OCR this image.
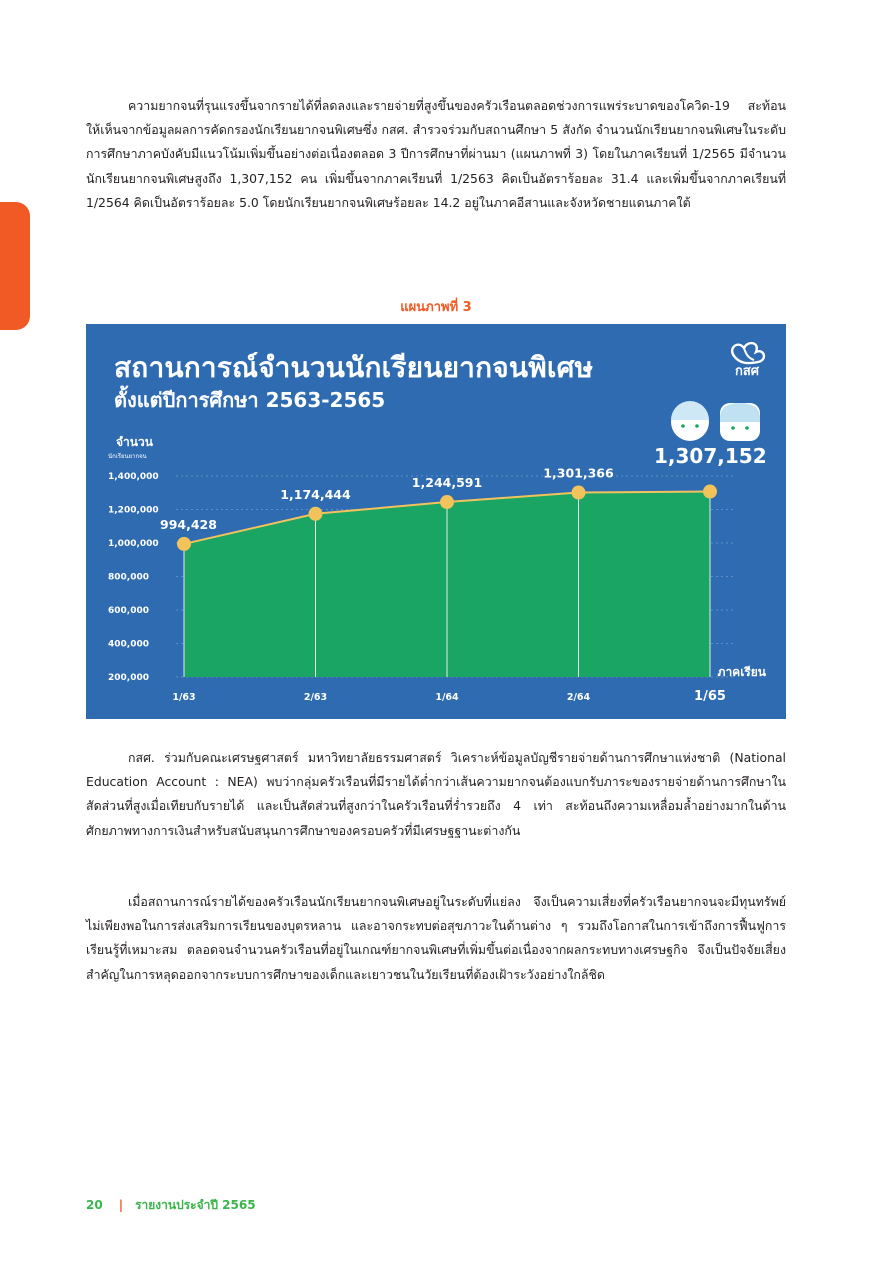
ความยากจนที่รุนแรงขึ้นจากรายได้ที่ลดลงและรายจ่ายที่สูงขึ้นของครัวเรือนตลอดช่วงการแพร่ระบาดของโควิด-19 สะท้อนให้เห็นจากข้อมูลผลการคัดกรองนักเรียนยากจนพิเศษซึ่ง กสศ. สำรวจร่วมกับสถานศึกษา 5 สังกัด จำนวนนักเรียนยากจนพิเศษในระดับการศึกษาภาคบังคับมีแนวโน้มเพิ่มขึ้นอย่างต่อเนื่องตลอด 3 ปีการศึกษาที่ผ่านมา (แผนภาพที่ 3) โดยในภาคเรียนที่ 1/2565 มีจำนวนนักเรียนยากจนพิเศษสูงถึง 1,307,152 คน เพิ่มขึ้นจากภาคเรียนที่ 1/2563 คิดเป็นอัตราร้อยละ 31.4 และเพิ่มขึ้นจากภาคเรียนที่ 1/2564 คิดเป็นอัตราร้อยละ 5.0 โดยนักเรียนยากจนพิเศษร้อยละ 14.2 อยู่ในภาคอีสานและจังหวัดชายแดนภาคใต้

แผนภาพที่ 3
200,000
400,000
600,000
800,000
1,000,000
1,200,000
1,400,000
จำนวน
นักเรียนยากจน
994,428
1/63
1,174,444
2/63
1,244,591
1/64
1,301,366
2/64	1/65
ภาคเรียน
สถานการณ์จำนวนนักเรียนยากจนพิเศษ
ตั้งแต่ปีการศึกษา 2563-2565
กสศ
1,307,152

กสศ. ร่วมกับคณะเศรษฐศาสตร์ มหาวิทยาลัยธรรมศาสตร์ วิเคราะห์ข้อมูลบัญชีรายจ่ายด้านการศึกษาแห่งชาติ (National Education Account : NEA) พบว่ากลุ่มครัวเรือนที่มีรายได้ต่ำกว่าเส้นความยากจนต้องแบกรับภาระของรายจ่ายด้านการศึกษาในสัดส่วนที่สูงเมื่อเทียบกับรายได้ และเป็นสัดส่วนที่สูงกว่าในครัวเรือนที่ร่ำรวยถึง 4 เท่า สะท้อนถึงความเหลื่อมล้ำอย่างมากในด้านศักยภาพทางการเงินสำหรับสนับสนุนการศึกษาของครอบครัวที่มีเศรษฐฐานะต่างกัน

เมื่อสถานการณ์รายได้ของครัวเรือนนักเรียนยากจนพิเศษอยู่ในระดับที่แย่ลง จึงเป็นความเสี่ยงที่ครัวเรือนยากจนจะมีทุนทรัพย์ไม่เพียงพอในการส่งเสริมการเรียนของบุตรหลาน และอาจกระทบต่อสุขภาวะในด้านต่าง ๆ รวมถึงโอกาสในการเข้าถึงการฟื้นฟูการเรียนรู้ที่เหมาะสม ตลอดจนจำนวนครัวเรือนที่อยู่ในเกณฑ์ยากจนพิเศษที่เพิ่มขึ้นต่อเนื่องจากผลกระทบทางเศรษฐกิจ จึงเป็นปัจจัยเสี่ยงสำคัญในการหลุดออกจากระบบการศึกษาของเด็กและเยาวชนในวัยเรียนที่ต้องเฝ้าระวังอย่างใกล้ชิด

20 | รายงานประจำปี 2565
